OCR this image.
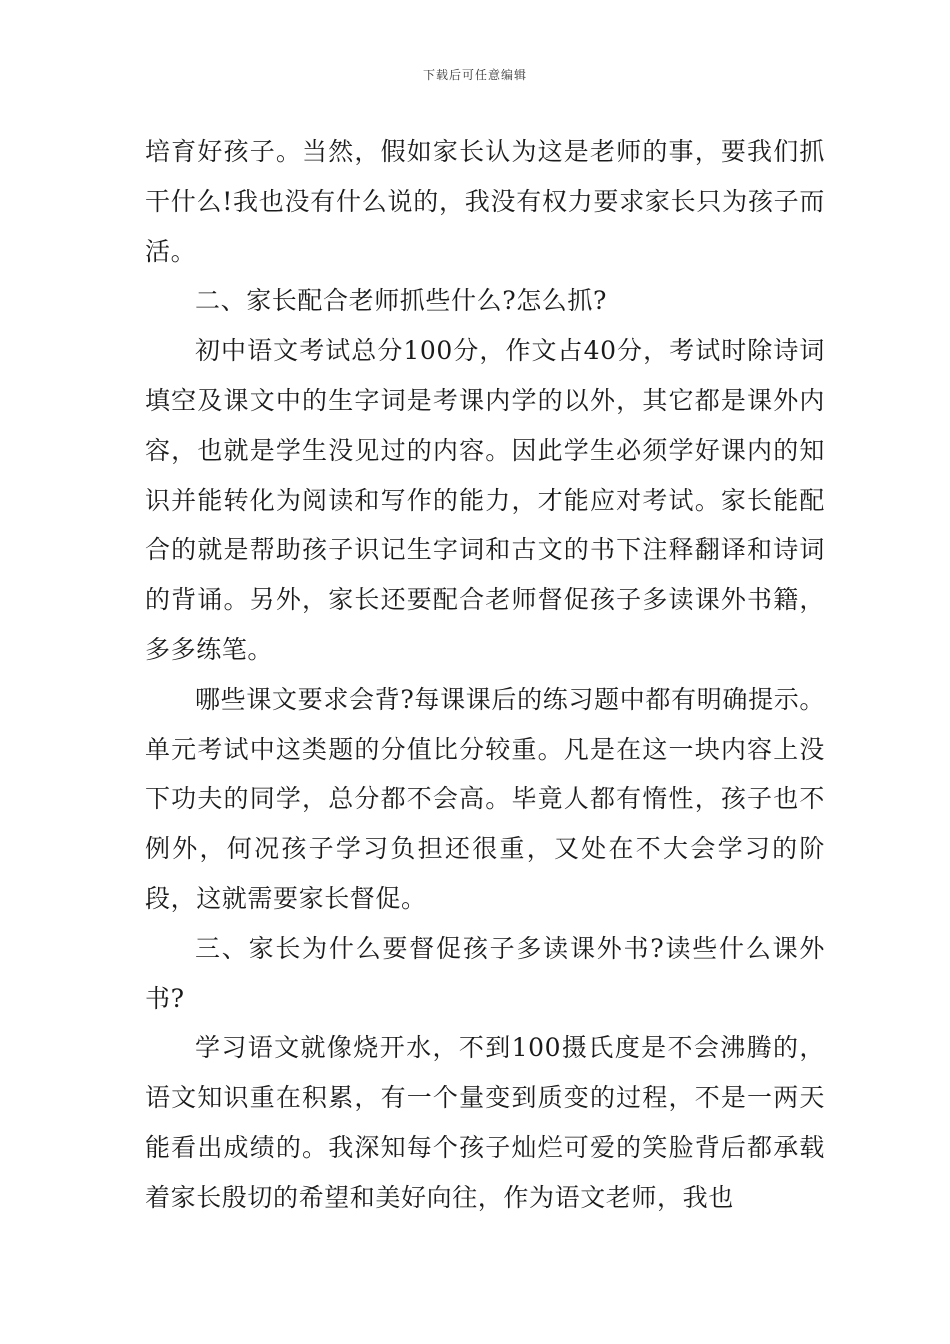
下载后可任意编辑

培育好孩子。当然，假如家长认为这是老师的事，要我们抓干什么!我也没有什么说的，我没有权力要求家长只为孩子而活。

二、家长配合老师抓些什么?怎么抓?

初中语文考试总分100分，作文占40分，考试时除诗词填空及课文中的生字词是考课内学的以外，其它都是课外内容，也就是学生没见过的内容。因此学生必须学好课内的知识并能转化为阅读和写作的能力，才能应对考试。家长能配合的就是帮助孩子识记生字词和古文的书下注释翻译和诗词的背诵。另外，家长还要配合老师督促孩子多读课外书籍，多多练笔。

哪些课文要求会背?每课课后的练习题中都有明确提示。单元考试中这类题的分值比分较重。凡是在这一块内容上没下功夫的同学，总分都不会高。毕竟人都有惰性，孩子也不例外，何况孩子学习负担还很重，又处在不大会学习的阶段，这就需要家长督促。

三、家长为什么要督促孩子多读课外书?读些什么课外书?

学习语文就像烧开水，不到100摄氏度是不会沸腾的，语文知识重在积累，有一个量变到质变的过程，不是一两天能看出成绩的。我深知每个孩子灿烂可爱的笑脸背后都承载着家长殷切的希望和美好向往，作为语文老师，我也
